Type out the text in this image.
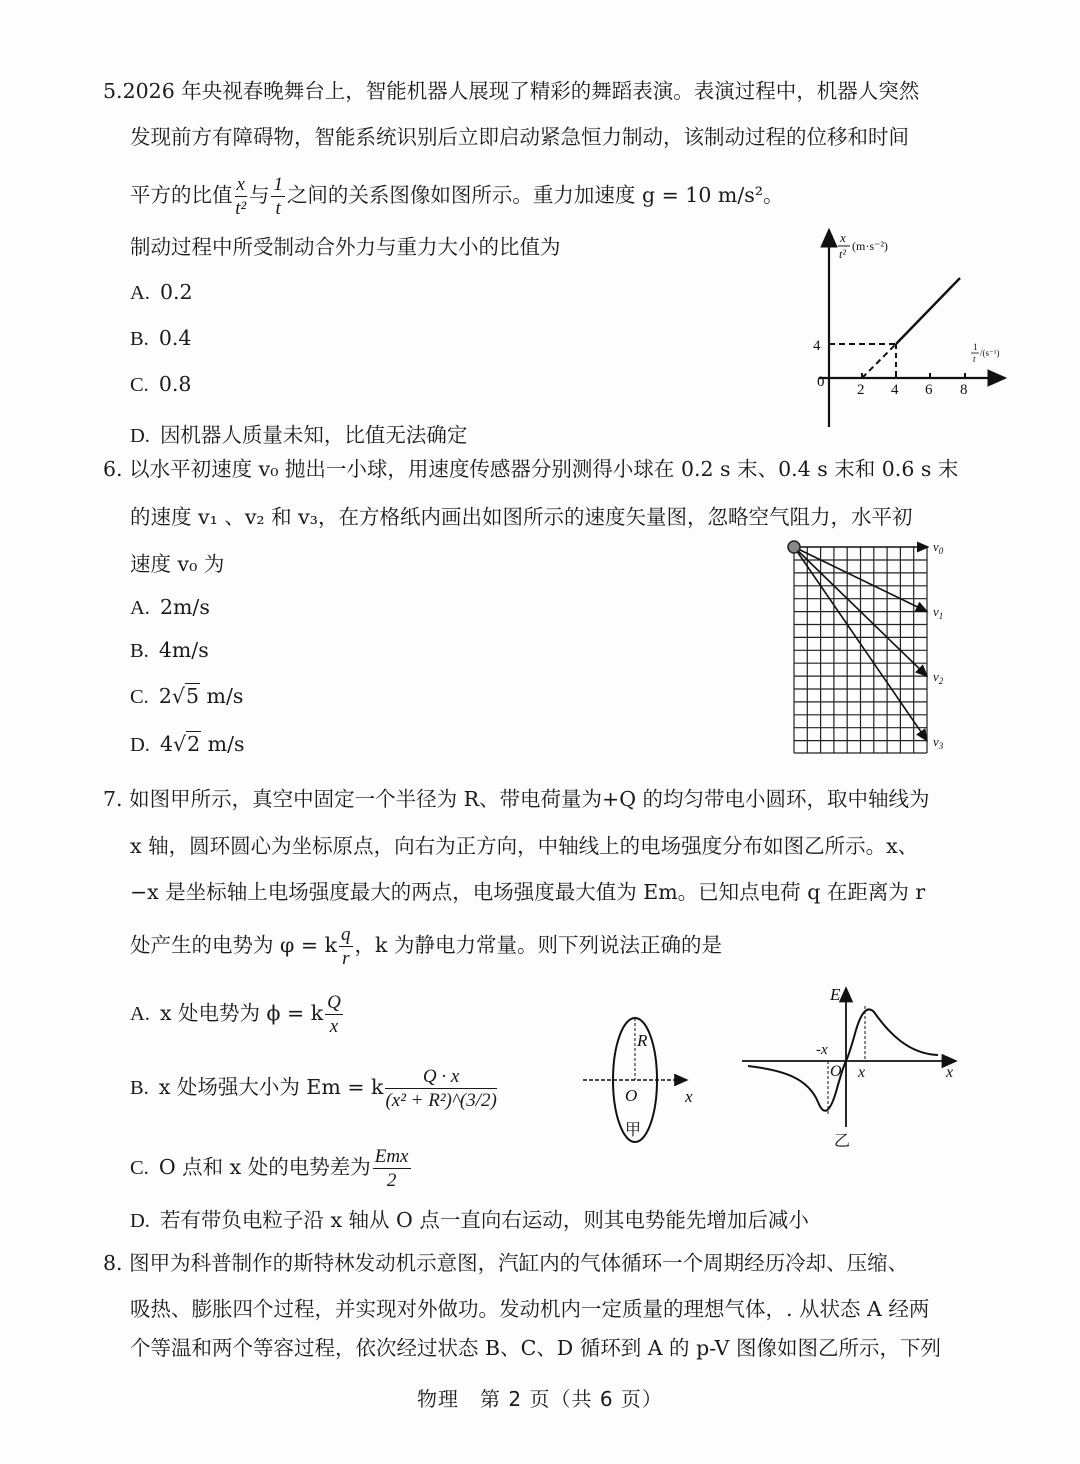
5.2026 年央视春晚舞台上，智能机器人展现了精彩的舞蹈表演。表演过程中，机器人突然
发现前方有障碍物，智能系统识别后立即启动紧急恒力制动，该制动过程的位移和时间
平方的比值 $\frac{x}{\text{t²}}$ 与 $\frac{1}{t}$ 之间的关系图像如图所示。重力加速度 g = 10 m/s²。
制动过程中所受制动合外力与重力大小的比值为
A. 0.2
B. 0.4
C. 0.8
D. 因机器人质量未知，比值无法确定
4
0 2 4 6 8
x
t²
(m·s⁻²)
1
t
/(s⁻¹)
6. 以水平初速度 v₀ 抛出一小球，用速度传感器分别测得小球在 0.2 s 末、0.4 s 末和 0.6 s 末
的速度 v₁ 、v₂ 和 v₃，在方格纸内画出如图所示的速度矢量图，忽略空气阻力，水平初
速度 v₀ 为
A. 2m/s
B. 4m/s
C. 2√5 m/s
D. 4√2 m/s
$v_0$
$v_1$
$v_2$
$v_3$
7. 如图甲所示，真空中固定一个半径为 R、带电荷量为+Q 的均匀带电小圆环，取中轴线为
x 轴，圆环圆心为坐标原点，向右为正方向，中轴线上的电场强度分布如图乙所示。x、
−x 是坐标轴上电场强度最大的两点，电场强度最大值为 Em。已知点电荷 q 在距离为 r
处产生的电势为 φ = k $\frac{q}{r}$ ，k 为静电力常量。则下列说法正确的是
A. x 处电势为 ϕ = k $\frac{Q}{x}$
B. x 处场强大小为 Em = k $\frac{Q \cdot x}{\text{(x² + R²)\textasciicircum{}(3/2)}}$
C. O 点和 x 处的电势差为 $\frac{\text{Emx}}{2}$
D. 若有带负电粒子沿 x 轴从 O 点一直向右运动，则其电势能先增加后减小
R
O	x
甲
E
-x
O x	x
乙
8. 图甲为科普制作的斯特林发动机示意图，汽缸内的气体循环一个周期经历冷却、压缩、
吸热、膨胀四个过程，并实现对外做功。发动机内一定质量的理想气体，. 从状态 A 经两
个等温和两个等容过程，依次经过状态 B、C、D 循环到 A 的 p-V 图像如图乙所示，下列
物理　第 2 页（共 6 页）
